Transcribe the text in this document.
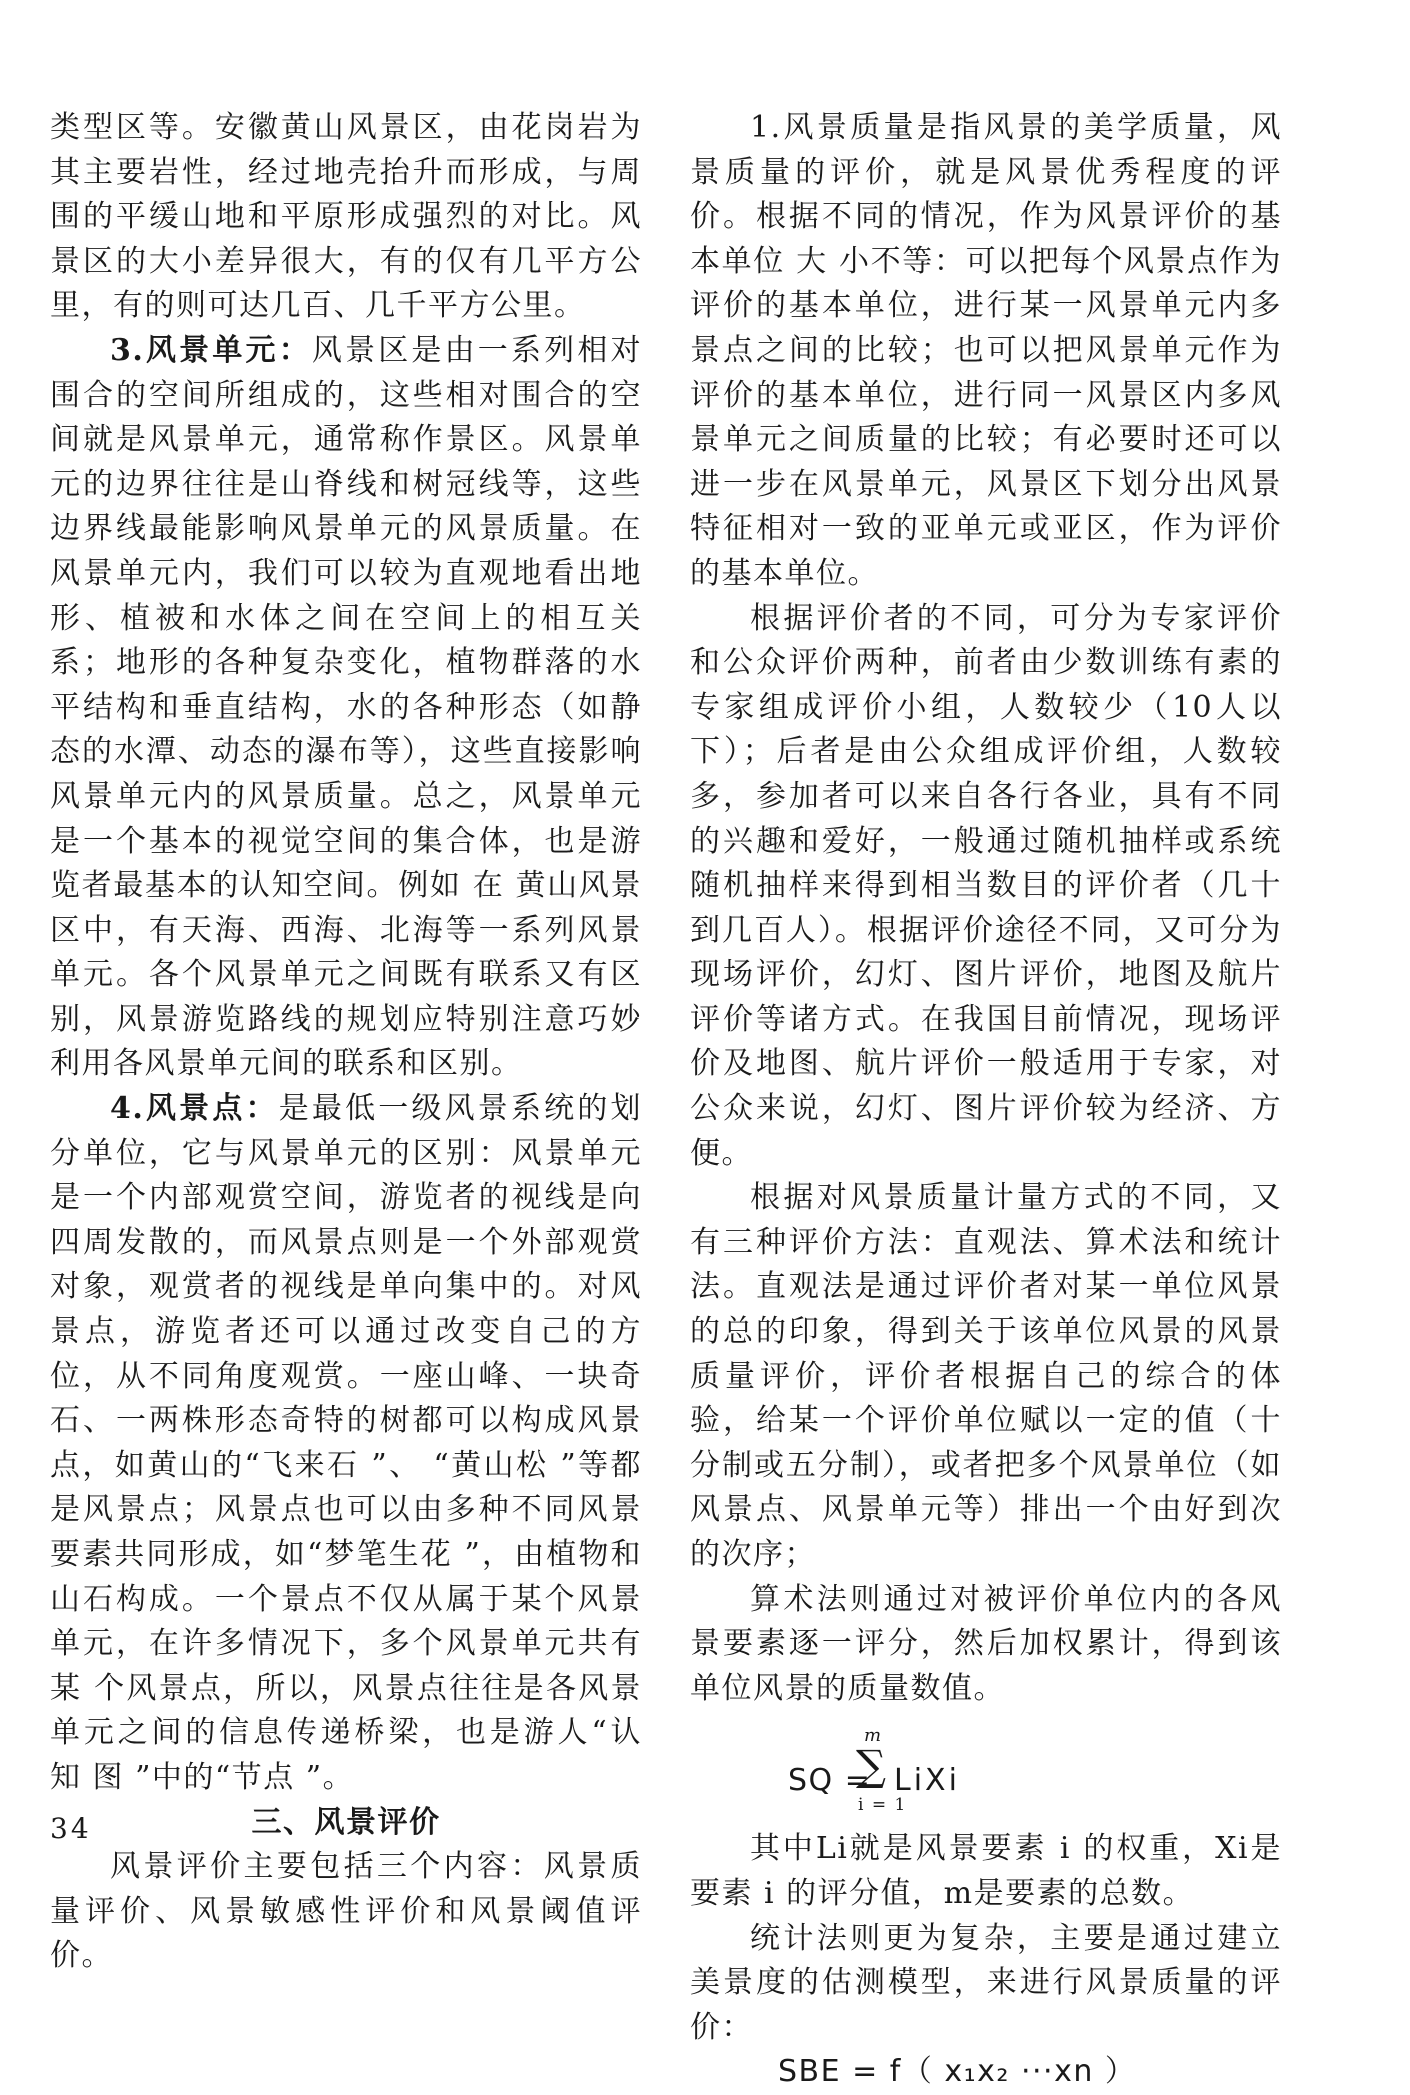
类型区等。安徽黄山风景区，由花岗岩为其主要岩性，经过地壳抬升而形成，与周围的平缓山地和平原形成强烈的对比。风景区的大小差异很大，有的仅有几平方公里，有的则可达几百、几千平方公里。

3.风景单元：风景区是由一系列相对围合的空间所组成的，这些相对围合的空间就是风景单元，通常称作景区。风景单元的边界往往是山脊线和树冠线等，这些边界线最能影响风景单元的风景质量。在风景单元内，我们可以较为直观地看出地形、植被和水体之间在空间上的相互关系；地形的各种复杂变化，植物群落的水平结构和垂直结构，水的各种形态（如静态的水潭、动态的瀑布等），这些直接影响风景单元内的风景质量。总之，风景单元是一个基本的视觉空间的集合体，也是游览者最基本的认知空间。例如 在 黄山风景区中，有天海、西海、北海等一系列风景单元。各个风景单元之间既有联系又有区别，风景游览路线的规划应特别注意巧妙利用各风景单元间的联系和区别。

4.风景点：是最低一级风景系统的划分单位，它与风景单元的区别：风景单元是一个内部观赏空间，游览者的视线是向四周发散的，而风景点则是一个外部观赏对象，观赏者的视线是单向集中的。对风景点，游览者还可以通过改变自己的方位，从不同角度观赏。一座山峰、一块奇石、一两株形态奇特的树都可以构成风景点，如黄山的“飞来石 ”、 “黄山松 ”等都是风景点；风景点也可以由多种不同风景要素共同形成，如“梦笔生花 ”，由植物和山石构成。一个景点不仅从属于某个风景单元，在许多情况下，多个风景单元共有 某 个风景点，所以，风景点往往是各风景单元之间的信息传递桥梁，也是游人“认 知 图 ”中的“节点 ”。

三、风景评价

风景评价主要包括三个内容：风景质量评价、风景敏感性评价和风景阈值评价。

1.风景质量是指风景的美学质量，风景质量的评价，就是风景优秀程度的评价。根据不同的情况，作为风景评价的基本单位 大 小不等：可以把每个风景点作为评价的基本单位，进行某一风景单元内多景点之间的比较；也可以把风景单元作为评价的基本单位，进行同一风景区内多风景单元之间质量的比较；有必要时还可以进一步在风景单元，风景区下划分出风景特征相对一致的亚单元或亚区，作为评价的基本单位。

根据评价者的不同，可分为专家评价和公众评价两种，前者由少数训练有素的专家组成评价小组，人数较少（10人以下）；后者是由公众组成评价组，人数较多，参加者可以来自各行各业，具有不同的兴趣和爱好，一般通过随机抽样或系统随机抽样来得到相当数目的评价者（几十到几百人）。根据评价途径不同，又可分为现场评价，幻灯、图片评价，地图及航片评价等诸方式。在我国目前情况，现场评价及地图、航片评价一般适用于专家，对公众来说，幻灯、图片评价较为经济、方便。

根据对风景质量计量方式的不同，又有三种评价方法：直观法、算术法和统计法。直观法是通过评价者对某一单位风景的总的印象，得到关于该单位风景的风景质量评价，评价者根据自己的综合的体验，给某一个评价单位赋以一定的值（十分制或五分制），或者把多个风景单位（如风景点、风景单元等）排出一个由好到次的次序；

算术法则通过对被评价单位内的各风景要素逐一评分，然后加权累计，得到该单位风景的质量数值。

SQ =
m
∑
i = 1
LiXi

其中Li就是风景要素 i 的权重，Xi是 要素 i 的评分值，m是要素的总数。

统计法则更为复杂，主要是通过建立美景度的估测模型，来进行风景质量的评价：

SBE = f（ x₁x₂ ···xn ）

34
